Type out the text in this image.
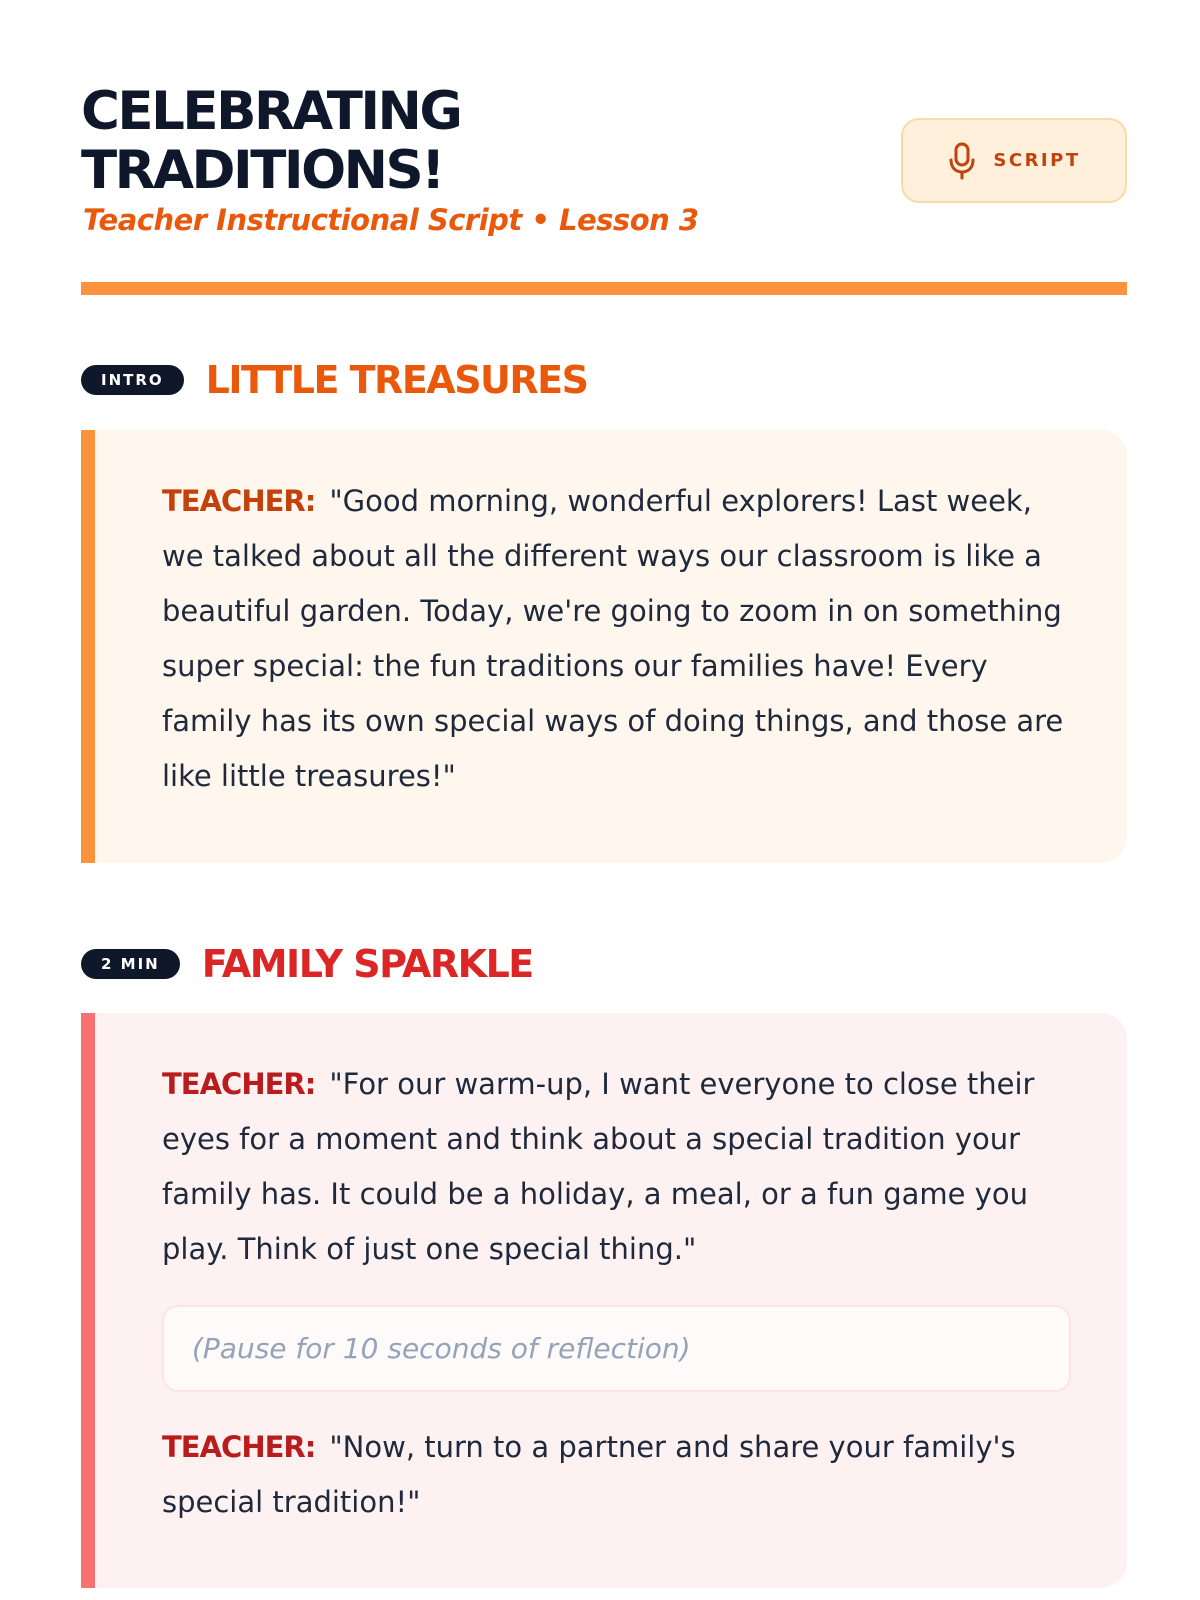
CELEBRATING
TRADITIONS!
Teacher Instructional Script • Lesson 3
SCRIPT
INTRO	LITTLE TREASURES

TEACHER: "Good morning, wonderful explorers! Last week, we talked about all the different ways our classroom is like a beautiful garden. Today, we're going to zoom in on something super special: the fun traditions our families have! Every family has its own special ways of doing things, and those are like little treasures!"

2 MIN	FAMILY SPARKLE

TEACHER: "For our warm-up, I want everyone to close their eyes for a moment and think about a special tradition your family has. It could be a holiday, a meal, or a fun game you play. Think of just one special thing."

(Pause for 10 seconds of reflection)

TEACHER: "Now, turn to a partner and share your family's special tradition!"
